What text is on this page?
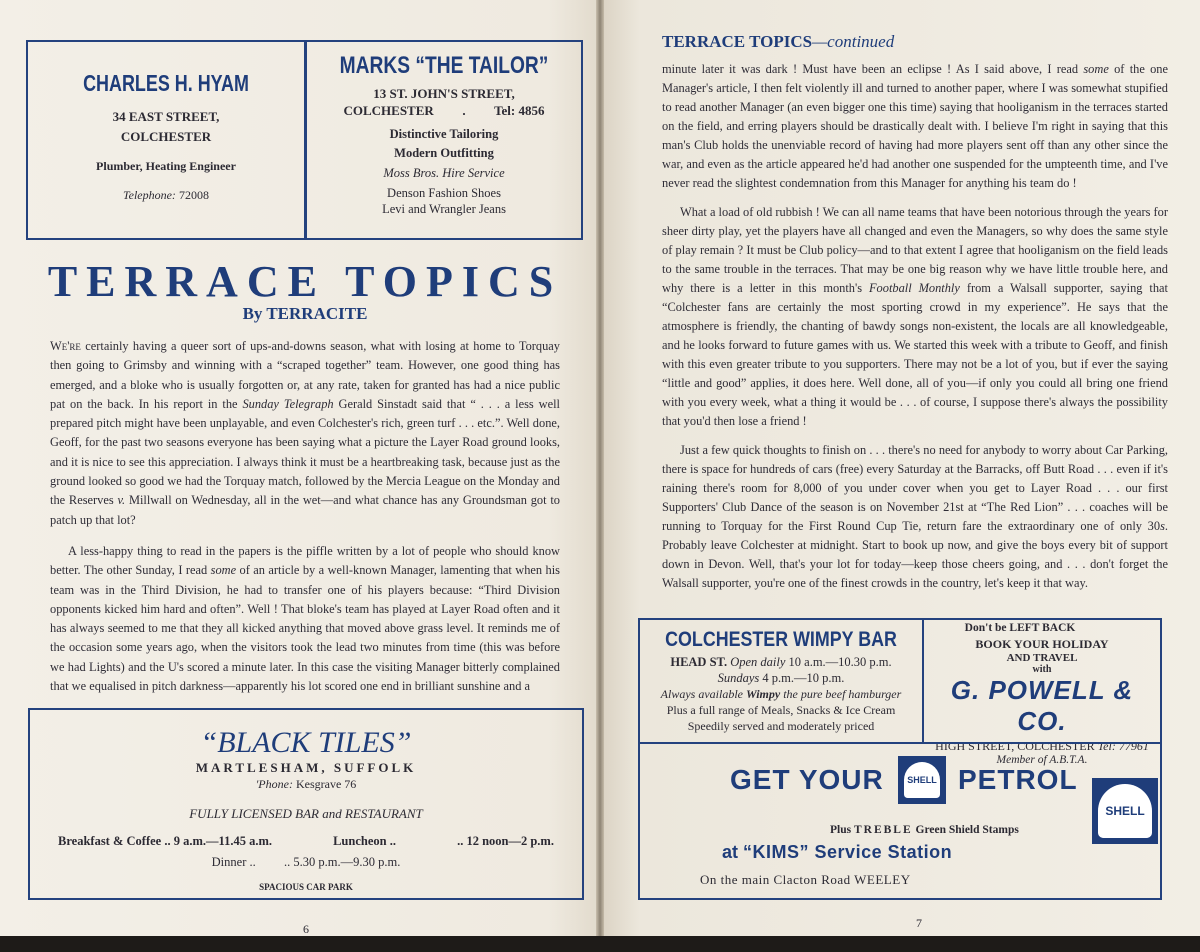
CHARLES H. HYAM
34 EAST STREET,
COLCHESTER
Plumber, Heating Engineer
Telephone: 72008
MARKS “THE TAILOR”
13 ST. JOHN'S STREET,
COLCHESTER . Tel: 4856
Distinctive Tailoring
Modern Outfitting
Moss Bros. Hire Service
Denson Fashion Shoes
Levi and Wrangler Jeans
TERRACE TOPICS
By TERRACITE

We're certainly having a queer sort of ups-and-downs season, what with losing at home to Torquay then going to Grimsby and winning with a “scraped together” team. However, one good thing has emerged, and a bloke who is usually forgotten or, at any rate, taken for granted has had a nice public pat on the back. In his report in the Sunday Telegraph Gerald Sinstadt said that “ . . . a less well prepared pitch might have been unplayable, and even Colchester's rich, green turf . . . etc.”. Well done, Geoff, for the past two seasons everyone has been saying what a picture the Layer Road ground looks, and it is nice to see this appreciation. I always think it must be a heartbreaking task, because just as the ground looked so good we had the Torquay match, followed by the Mercia League on the Monday and the Reserves v. Millwall on Wednesday, all in the wet—and what chance has any Groundsman got to patch up that lot?

A less-happy thing to read in the papers is the piffle written by a lot of people who should know better. The other Sunday, I read some of an article by a well-known Manager, lamenting that when his team was in the Third Division, he had to transfer one of his players because: “Third Division opponents kicked him hard and often”. Well ! That bloke's team has played at Layer Road often and it has always seemed to me that they all kicked anything that moved above grass level. It reminds me of the occasion some years ago, when the visitors took the lead two minutes from time (this was before we had Lights) and the U's scored a minute later. In this case the visiting Manager bitterly complained that we equalised in pitch darkness—apparently his lot scored one end in brilliant sunshine and a

“BLACK TILES”
MARTLESHAM, SUFFOLK
'Phone: Kesgrave 76
FULLY LICENSED BAR and RESTAURANT
Breakfast & Coffee .. 9 a.m.—11.45 a.m.	Luncheon ..	.. 12 noon—2 p.m.
Dinner .. .. 5.30 p.m.—9.30 p.m.
SPACIOUS CAR PARK
6
TERRACE TOPICS—continued

minute later it was dark ! Must have been an eclipse ! As I said above, I read some of the one Manager's article, I then felt violently ill and turned to another paper, where I was somewhat stupified to read another Manager (an even bigger one this time) saying that hooliganism in the terraces started on the field, and erring players should be drastically dealt with. I believe I'm right in saying that this man's Club holds the unenviable record of having had more players sent off than any other since the war, and even as the article appeared he'd had another one suspended for the umpteenth time, and I've never read the slightest condemnation from this Manager for anything his team do !

What a load of old rubbish ! We can all name teams that have been notorious through the years for sheer dirty play, yet the players have all changed and even the Managers, so why does the same style of play remain ? It must be Club policy—and to that extent I agree that hooliganism on the field leads to the same trouble in the terraces. That may be one big reason why we have little trouble here, and why there is a letter in this month's Football Monthly from a Walsall supporter, saying that “Colchester fans are certainly the most sporting crowd in my experience”. He says that the atmosphere is friendly, the chanting of bawdy songs non-existent, the locals are all knowledgeable, and he looks forward to future games with us. We started this week with a tribute to Geoff, and finish with this even greater tribute to you supporters. There may not be a lot of you, but if ever the saying “little and good” applies, it does here. Well done, all of you—if only you could all bring one friend with you every week, what a thing it would be . . . of course, I suppose there's always the possibility that you'd then lose a friend !

Just a few quick thoughts to finish on . . . there's no need for anybody to worry about Car Parking, there is space for hundreds of cars (free) every Saturday at the Barracks, off Butt Road . . . even if it's raining there's room for 8,000 of you under cover when you get to Layer Road . . . our first Supporters' Club Dance of the season is on November 21st at “The Red Lion” . . . coaches will be running to Torquay for the First Round Cup Tie, return fare the extraordinary one of only 30s. Probably leave Colchester at midnight. Start to book up now, and give the boys every bit of support down in Devon. Well, that's your lot for today—keep those cheers going, and . . . don't forget the Walsall supporter, you're one of the finest crowds in the country, let's keep it that way.

COLCHESTER WIMPY BAR
HEAD ST. Open daily 10 a.m.—10.30 p.m.
Sundays 4 p.m.—10 p.m.
Always available Wimpy the pure beef hamburger
Plus a full range of Meals, Snacks & Ice Cream
Speedily served and moderately priced
Don't be LEFT BACK
BOOK YOUR HOLIDAY
AND TRAVEL
with
G. POWELL & CO.
HIGH STREET, COLCHESTER Tel: 77961
Member of A.B.T.A.
GET YOUR	SHELL PETROL
SHELL
Plus TREBLE Green Shield Stamps
at “KIMS” Service Station
On the main Clacton Road WEELEY
7
